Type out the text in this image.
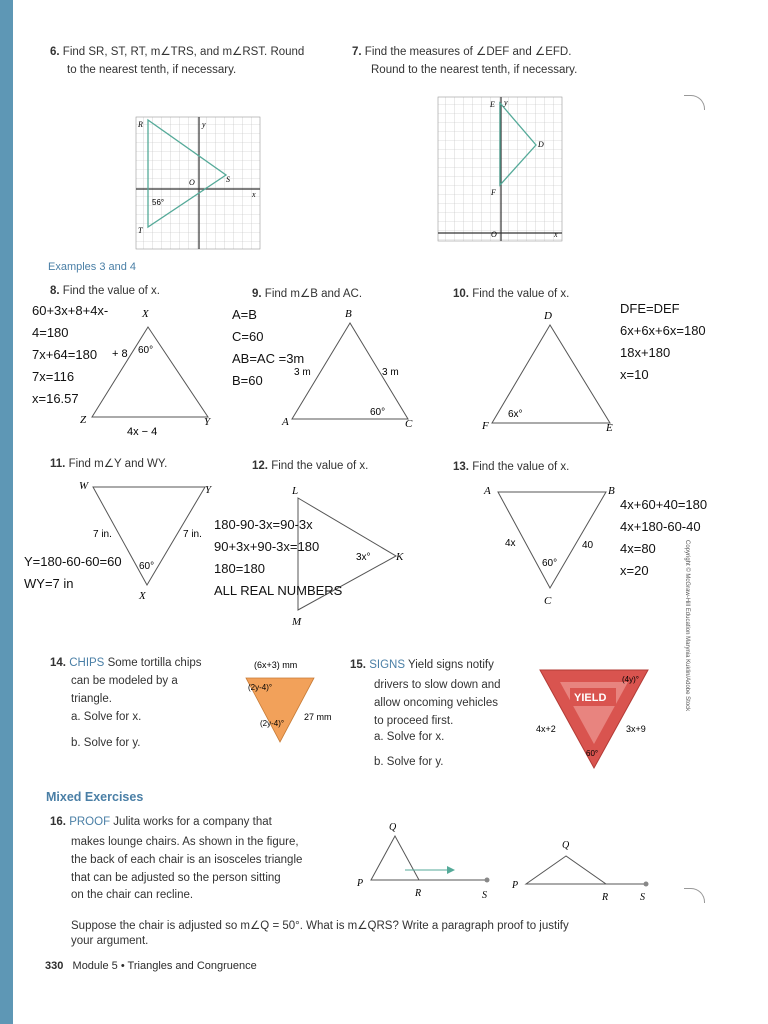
6. Find SR, ST, RT, m∠TRS, and m∠RST. Round
to the nearest tenth, if necessary.
7. Find the measures of ∠DEF and ∠EFD.
Round to the nearest tenth, if necessary.
R	y
O	S
x
T
56°
E y
D
F
O	x
Examples 3 and 4
8. Find the value of x.	9. Find m∠B and AC.	10. Find the value of x.
X
Z	Y
+ 8 60°
4x − 4
B
A	C
3 m	3 m
60°
D
F	E
6x°
11. Find m∠Y and WY.	12. Find the value of x.	13. Find the value of x.
W	Y
X
7 in.	7 in.
60°
L
K
M
3x°
A	B
C
4x	40
60°
60+3x+8+4x-
4=180
7x+64=180
7x=116
x=16.57
A=B
C=60
AB=AC =3m
B=60
DFE=DEF
6x+6x+6x=180
18x+180
x=10
Y=180-60-60=60
WY=7 in
180-90-3x=90-3x
90+3x+90-3x=180
180=180
ALL REAL NUMBERS
4x+60+40=180
4x+180-60-40
4x=80
x=20
14. CHIPS Some tortilla chips
can be modeled by a
triangle.
a. Solve for x.
b. Solve for y.
(6x+3) mm
(2y-4)°
(2y-4)°
27 mm
15. SIGNS Yield signs notify
drivers to slow down and
allow oncoming vehicles
to proceed first.
a. Solve for x.
b. Solve for y.
YIELD
(4y)°
4x+2	3x+9
60°
Mixed Exercises
16. PROOF Julita works for a company that
makes lounge chairs. As shown in the figure,
the back of each chair is an isosceles triangle
that can be adjusted so the person sitting
on the chair can recline.
Suppose the chair is adjusted so m∠Q = 50°. What is m∠QRS? Write a paragraph proof to justify
your argument.
Q
P
R	S
Q
P
R	S
Copyright © McGraw-Hill Education Marynia Kuklin/Adobe Stock
330 Module 5 • Triangles and Congruence
